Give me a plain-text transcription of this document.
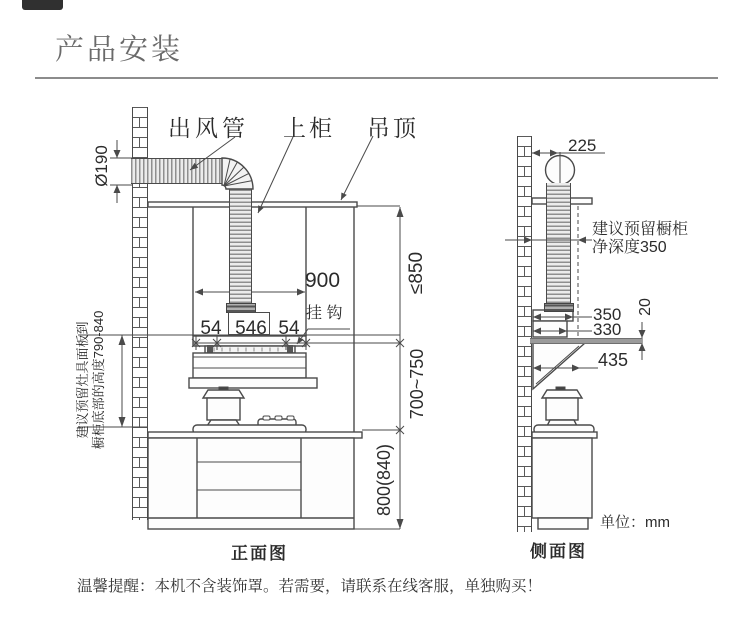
产品安装
出风管 上柜 吊顶
挂 钩
Ø190
900
54 546 54
≤850
700~750
800(840)
建议预留灶具面板到 橱柜底部的高度790-840
正面图
225
建议预留橱柜
净深度350
350
330
20
435
单位：mm
侧面图
温馨提醒：本机不含装饰罩。若需要，请联系在线客服，单独购买！
